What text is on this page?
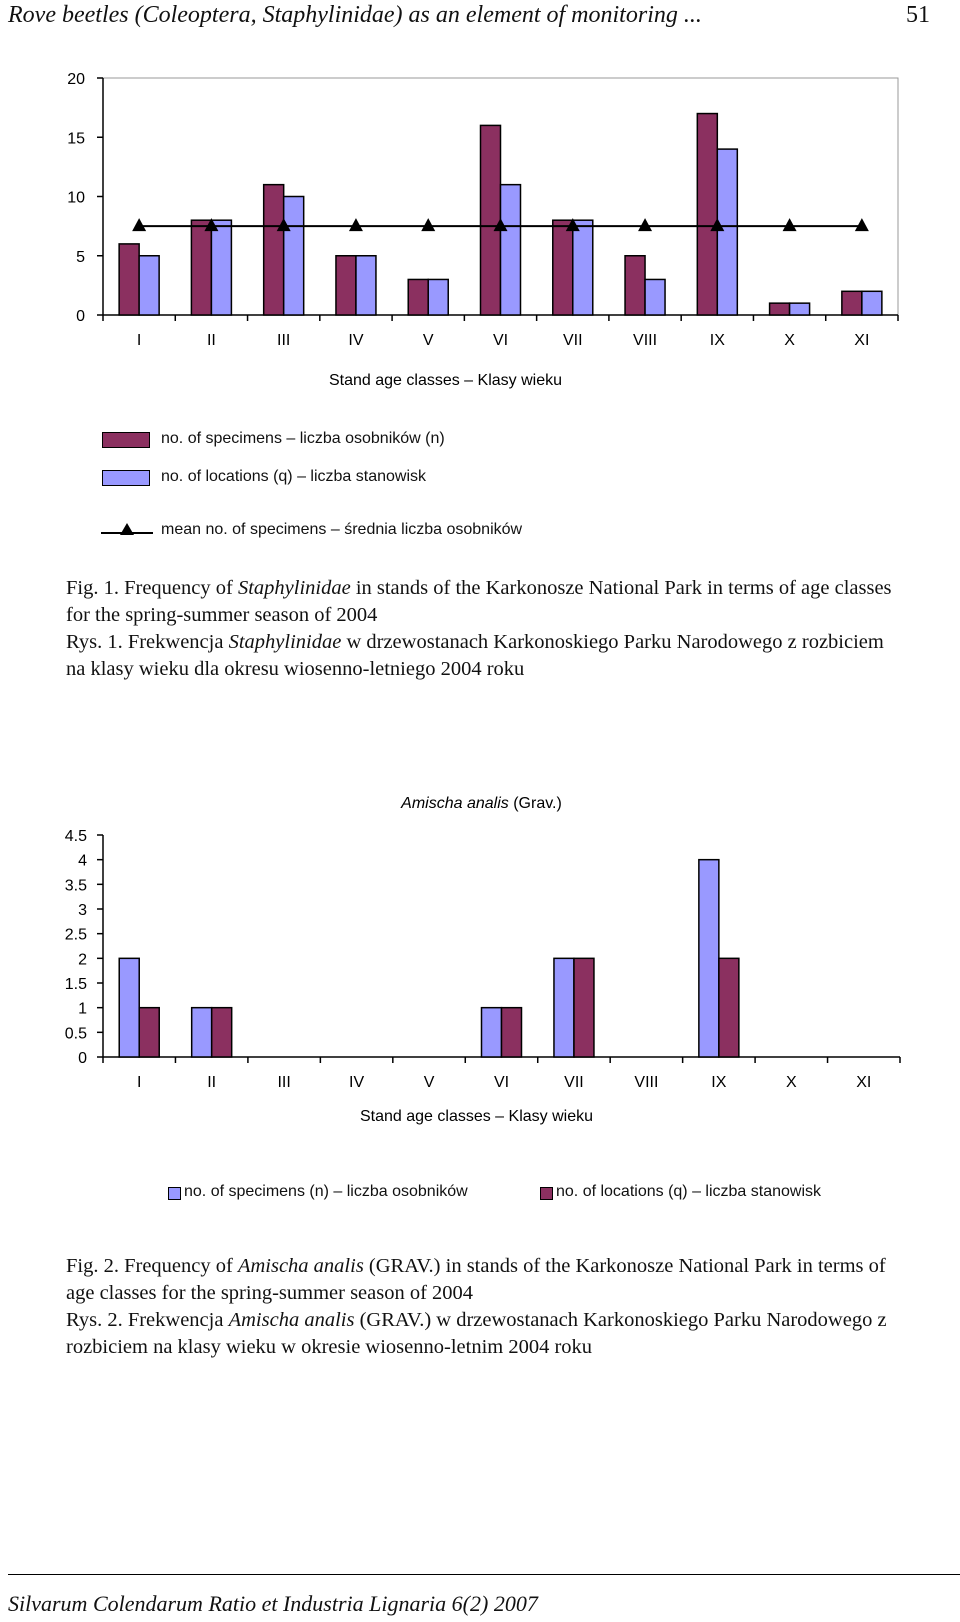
Rove beetles (Coleoptera, Staphylinidae) as an element of monitoring ...	51
0
5
10
15
20
I	II	III	IV	V	VI	VII	VIII	IX	X	XI
Stand age classes – Klasy wieku
no. of specimens – liczba osobników (n)
no. of locations (q) – liczba stanowisk
mean no. of specimens – średnia liczba osobników
Fig. 1. Frequency of Staphylinidae in stands of the Karkonosze National Park in terms of age classes for the spring-summer season of 2004
Rys. 1. Frekwencja Staphylinidae w drzewostanach Karkonoskiego Parku Narodowego z rozbiciem na klasy wieku dla okresu wiosenno-letniego 2004 roku
Amischa analis (Grav.)
0
0.5
1
1.5
2
2.5
3
3.5
4
4.5
I	II	III	IV	V	VI	VII	VIII	IX	X	XI
Stand age classes – Klasy wieku
no. of specimens (n) – liczba osobników	no. of locations (q) – liczba stanowisk
Fig. 2. Frequency of Amischa analis (GRAV.) in stands of the Karkonosze National Park in terms of age classes for the spring-summer season of 2004
Rys. 2. Frekwencja Amischa analis (GRAV.) w drzewostanach Karkonoskiego Parku Narodowego z rozbiciem na klasy wieku w okresie wiosenno-letnim 2004 roku
Silvarum Colendarum Ratio et Industria Lignaria 6(2) 2007
